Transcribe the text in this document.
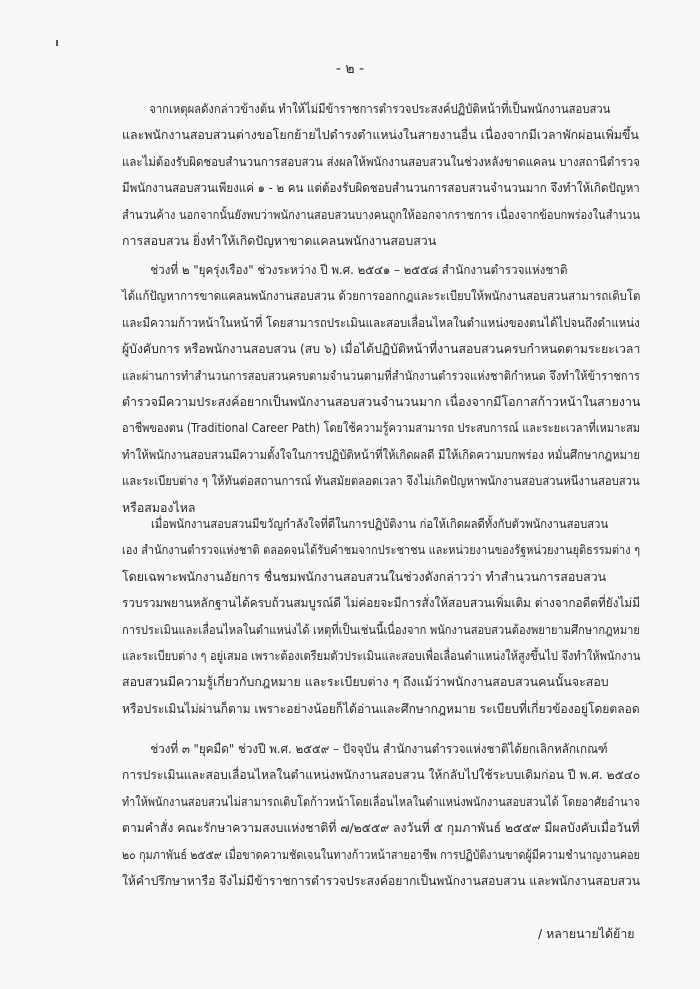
- ๒ -

จากเหตุผลดังกล่าวข้างต้น ทำให้ไม่มีข้าราชการตำรวจประสงค์ปฏิบัติหน้าที่เป็นพนักงานสอบสวน
และพนักงานสอบสวนต่างขอโยกย้ายไปดำรงตำแหน่งในสายงานอื่น เนื่องจากมีเวลาพักผ่อนเพิ่มขึ้น
และไม่ต้องรับผิดชอบสำนวนการสอบสวน ส่งผลให้พนักงานสอบสวนในช่วงหลังขาดแคลน บางสถานีตำรวจ
มีพนักงานสอบสวนเพียงแค่ ๑ - ๒ คน แต่ต้องรับผิดชอบสำนวนการสอบสวนจำนวนมาก จึงทำให้เกิดปัญหา
สำนวนค้าง นอกจากนั้นยังพบว่าพนักงานสอบสวนบางคนถูกให้ออกจากราชการ เนื่องจากข้อบกพร่องในสำนวน
การสอบสวน ยิ่งทำให้เกิดปัญหาขาดแคลนพนักงานสอบสวน

ช่วงที่ ๒ "ยุครุ่งเรือง" ช่วงระหว่าง ปี พ.ศ. ๒๕๔๑ – ๒๕๕๘ สำนักงานตำรวจแห่งชาติ
ได้แก้ปัญหาการขาดแคลนพนักงานสอบสวน ด้วยการออกกฎและระเบียบให้พนักงานสอบสวนสามารถเติบโต
และมีความก้าวหน้าในหน้าที่ โดยสามารถประเมินและสอบเลื่อนไหลในตำแหน่งของตนได้ไปจนถึงตำแหน่ง
ผู้บังคับการ หรือพนักงานสอบสวน (สบ ๖) เมื่อได้ปฏิบัติหน้าที่งานสอบสวนครบกำหนดตามระยะเวลา
และผ่านการทำสำนวนการสอบสวนครบตามจำนวนตามที่สำนักงานตำรวจแห่งชาติกำหนด จึงทำให้ข้าราชการ
ตำรวจมีความประสงค์อยากเป็นพนักงานสอบสวนจำนวนมาก เนื่องจากมีโอกาสก้าวหน้าในสายงาน
อาชีพของตน (Traditional Career Path) โดยใช้ความรู้ความสามารถ ประสบการณ์ และระยะเวลาที่เหมาะสม
ทำให้พนักงานสอบสวนมีความตั้งใจในการปฏิบัติหน้าที่ให้เกิดผลดี มีให้เกิดความบกพร่อง หมั่นศึกษากฎหมาย
และระเบียบต่าง ๆ ให้ทันต่อสถานการณ์ ทันสมัยตลอดเวลา จึงไม่เกิดปัญหาพนักงานสอบสวนหนีงานสอบสวน
หรือสมองไหล

เมื่อพนักงานสอบสวนมีขวัญกำลังใจที่ดีในการปฏิบัติงาน ก่อให้เกิดผลดีทั้งกับตัวพนักงานสอบสวน
เอง สำนักงานตำรวจแห่งชาติ ตลอดจนได้รับคำชมจากประชาชน และหน่วยงานของรัฐหน่วยงานยุติธรรมต่าง ๆ
โดยเฉพาะพนักงานอัยการ ชื่นชมพนักงานสอบสวนในช่วงดังกล่าวว่า ทำสำนวนการสอบสวน
รวบรวมพยานหลักฐานได้ครบถ้วนสมบูรณ์ดี ไม่ค่อยจะมีการสั่งให้สอบสวนเพิ่มเติม ต่างจากอดีตที่ยังไม่มี
การประเมินและเลื่อนไหลในตำแหน่งได้ เหตุที่เป็นเช่นนี้เนื่องจาก พนักงานสอบสวนต้องพยายามศึกษากฎหมาย
และระเบียบต่าง ๆ อยู่เสมอ เพราะต้องเตรียมตัวประเมินและสอบเพื่อเลื่อนตำแหน่งให้สูงขึ้นไป จึงทำให้พนักงาน
สอบสวนมีความรู้เกี่ยวกับกฎหมาย และระเบียบต่าง ๆ ถึงแม้ว่าพนักงานสอบสวนคนนั้นจะสอบ
หรือประเมินไม่ผ่านก็ตาม เพราะอย่างน้อยก็ได้อ่านและศึกษากฎหมาย ระเบียบที่เกี่ยวข้องอยู่โดยตลอด

ช่วงที่ ๓ "ยุคมืด" ช่วงปี พ.ศ. ๒๕๕๙ – ปัจจุบัน สำนักงานตำรวจแห่งชาติได้ยกเลิกหลักเกณฑ์
การประเมินและสอบเลื่อนไหลในตำแหน่งพนักงานสอบสวน ให้กลับไปใช้ระบบเดิมก่อน ปี พ.ศ. ๒๕๔๐
ทำให้พนักงานสอบสวนไม่สามารถเติบโตก้าวหน้าโดยเลื่อนไหลในตำแหน่งพนักงานสอบสวนได้ โดยอาศัยอำนาจ
ตามคำสั่ง คณะรักษาความสงบแห่งชาติที่ ๗/๒๕๕๙ ลงวันที่ ๕ กุมภาพันธ์ ๒๕๕๙ มีผลบังคับเมื่อวันที่
๒๐ กุมภาพันธ์ ๒๕๕๙ เมื่อขาดความชัดเจนในทางก้าวหน้าสายอาชีพ การปฏิบัติงานขาดผู้มีความชำนาญงานคอย
ให้คำปรึกษาหารือ จึงไม่มีข้าราชการตำรวจประสงค์อยากเป็นพนักงานสอบสวน และพนักงานสอบสวน

/ หลายนายได้ย้าย
